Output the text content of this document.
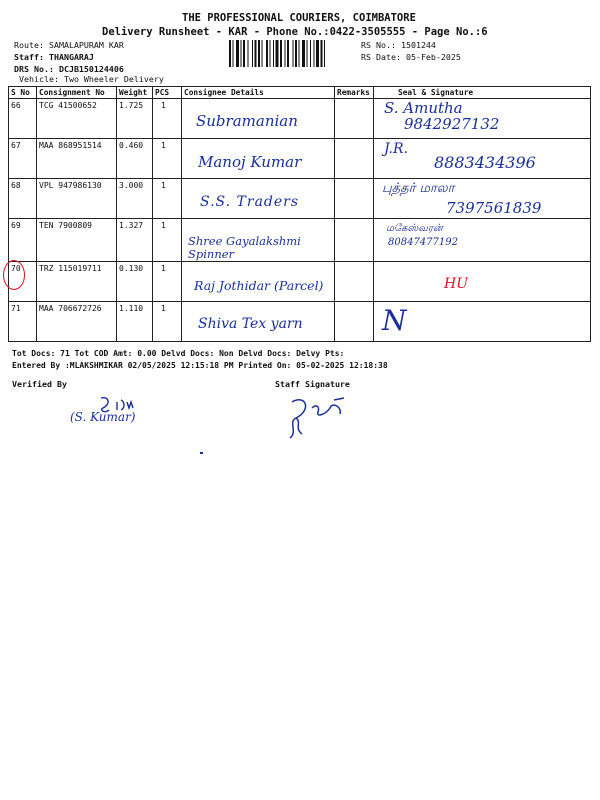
THE PROFESSIONAL COURIERS, COIMBATORE
Delivery Runsheet - KAR - Phone No.:0422-3505555 - Page No.:6
Route: SAMALAPURAM KAR
Staff: THANGARAJ
DRS No.: DCJB150124406
Vehicle: Two Wheeler Delivery
RS No.: 1501244
RS Date: 05-Feb-2025
S No	Consignment No	Weight	PCS	Consignee Details	Remarks	Seal & Signature
66	TCG 41500652	1.725	1	Subramanian		S. Amutha
9842927132

67	MAA 868951514	0.460	1	Manoj Kumar		J.R.
8883434396

68	VPL 947986130	3.000	1	S.S. Traders		புத்தர் மாலா
7397561839

69	TEN 7900809	1.327	1	Shree Gayalakshmi Spinner		மகேஸ்வரன்
80847477192

70	TRZ 115019711	0.130	1	Raj Jothidar (Parcel)		HU

71	MAA 706672726	1.110	1	Shiva Tex yarn		N
Tot Docs: 71 Tot COD Amt: 0.00 Delvd Docs: Non Delvd Docs: Delvy Pts:
Entered By :MLAKSHMIKAR 02/05/2025 12:15:18 PM Printed On: 05-02-2025 12:18:38
Verified By	Staff Signature
(S. Kumar)
